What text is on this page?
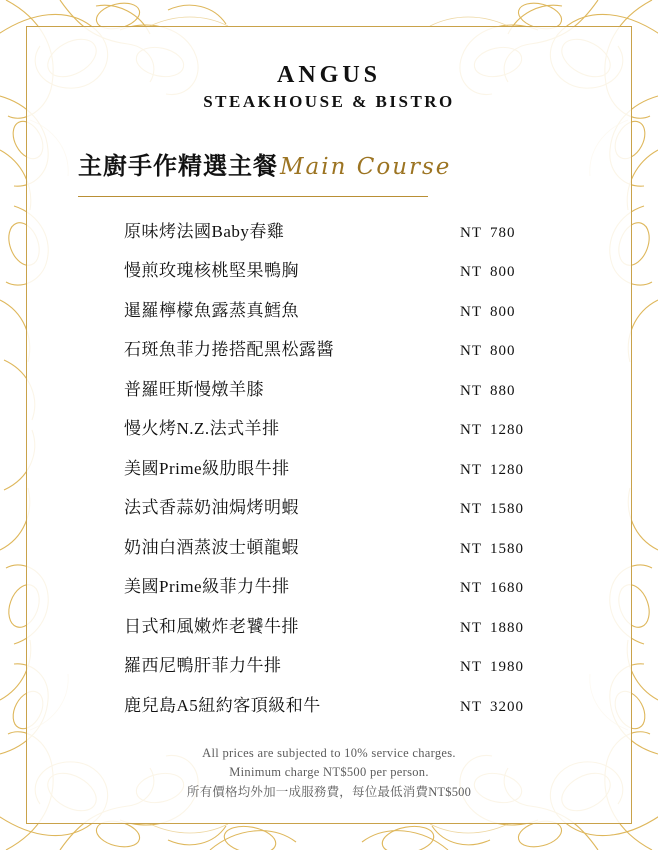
ANGUS
STEAKHOUSE & BISTRO
主廚手作精選主餐 Main Course
原味烤法國Baby春雞	NT 780
慢煎玫瑰核桃堅果鴨胸	NT 800
暹羅檸檬魚露蒸真鱈魚	NT 800
石斑魚菲力捲搭配黑松露醬	NT 800
普羅旺斯慢燉羊膝	NT 880
慢火烤N.Z.法式羊排	NT 1280
美國Prime級肋眼牛排	NT 1280
法式香蒜奶油焗烤明蝦	NT 1580
奶油白酒蒸波士頓龍蝦	NT 1580
美國Prime級菲力牛排	NT 1680
日式和風嫩炸老饕牛排	NT 1880
羅西尼鴨肝菲力牛排	NT 1980
鹿兒島A5紐約客頂級和牛	NT 3200
All prices are subjected to 10% service charges.
Minimum charge NT$500 per person.
所有價格均外加一成服務費，每位最低消費NT$500
